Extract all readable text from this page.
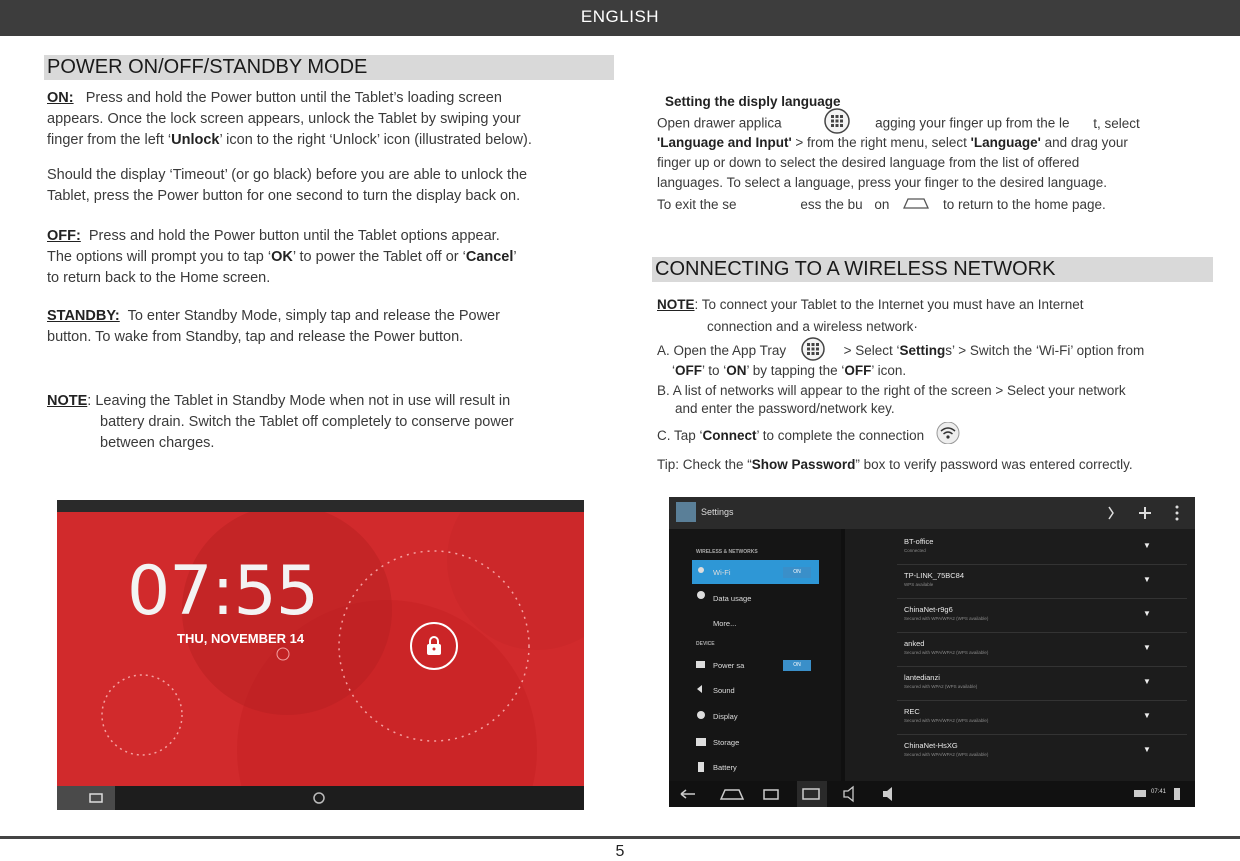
ENGLISH
POWER ON/OFF/STANDBY MODE
ON: Press and hold the Power button until the Tablet’s loading screen
appears. Once the lock screen appears, unlock the Tablet by swiping your
finger from the left ‘Unlock’ icon to the right ‘Unlock’ icon (illustrated below).
Should the display ‘Timeout’ (or go black) before you are able to unlock the
Tablet, press the Power button for one second to turn the display back on.
OFF: Press and hold the Power button until the Tablet options appear.
The options will prompt you to tap ‘OK’ to power the Tablet off or ‘Cancel’
to return back to the Home screen.
STANDBY: To enter Standby Mode, simply tap and release the Power
button. To wake from Standby, tap and release the Power button.
NOTE: Leaving the Tablet in Standby Mode when not in use will result in
battery drain. Switch the Tablet off completely to conserve power
between charges.
07:55
THU, NOVEMBER 14
Setting the disply language

Open drawer applica	agging your finger up from the le t, select
'Language and Input' > from the right menu, select 'Language' and drag your
finger up or down to select the desired language from the list of offered
languages. To select a language, press your finger to the desired language.
To exit the se	ess the bu on	to return to the home page.
CONNECTING TO A WIRELESS NETWORK
NOTE: To connect your Tablet to the Internet you must have an Internet
connection and a wireless network·
A. Open the App Tray	> Select ‘Settings’ > Switch the ‘Wi-Fi’ option from
‘OFF’ to ‘ON’ by tapping the ‘OFF’ icon.
B. A list of networks will appear to the right of the screen > Select your network
and enter the password/network key.
C. Tap ‘Connect’ to complete the connection
Tip: Check the “Show Password” box to verify password was entered correctly.
Settings
WIRELESS & NETWORKS
Wi-Fi	ON
Data usage
More...
DEVICE
Power sa	ON
Sound
Display
Storage
Battery
BT-office
Connected
▼
TP-LINK_75BC84
WPS available
▼
ChinaNet-r9g6
Secured with WPA/WPA2 (WPS available)
▼
anked
Secured with WPA/WPA2 (WPS available)
▼
lantedianzi
Secured with WPA2 (WPS available)
▼
REC
Secured with WPA/WPA2 (WPS available)
▼
ChinaNet-HsXG
Secured with WPA/WPA2 (WPS available)
▼
07:41
5
